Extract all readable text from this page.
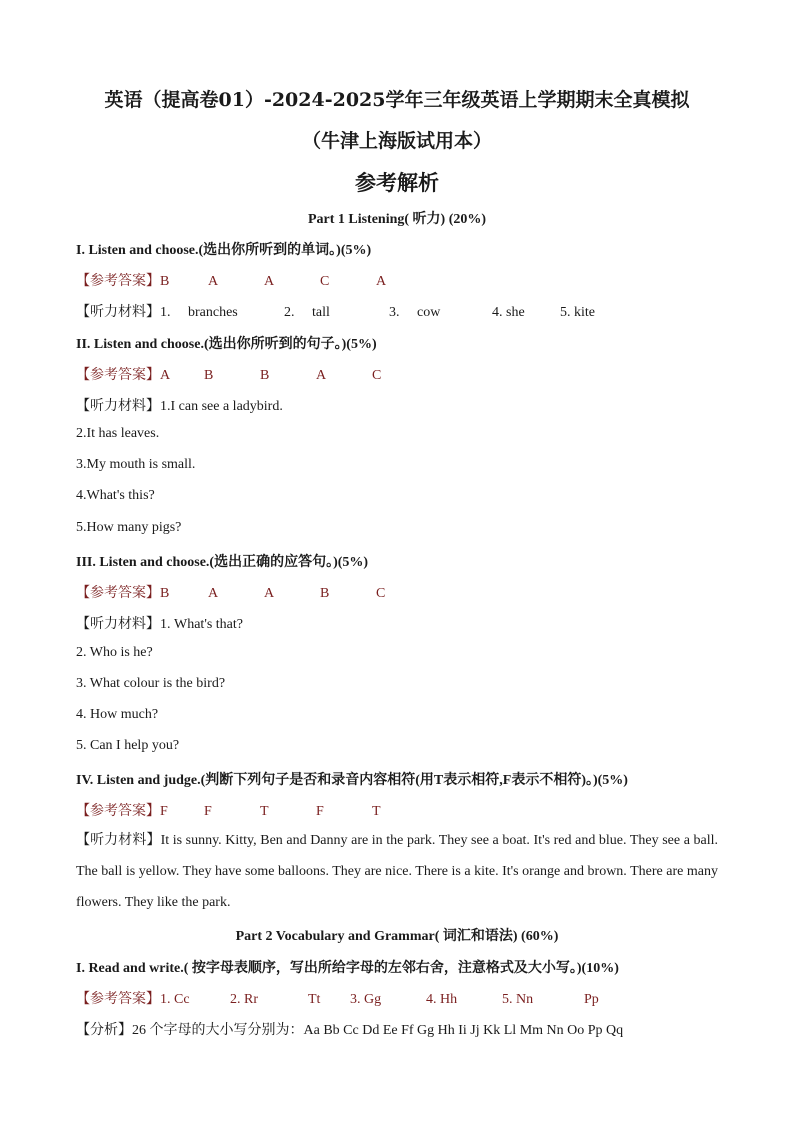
英语（提高卷01）-2024-2025学年三年级英语上学期期末全真模拟
（牛津上海版试用本）
参考解析
Part 1 Listening( 听力) (20%)
I. Listen and choose.(选出你所听到的单词。)(5%)
【参考答案】B	A	A	C	A
【听力材料】1. branches	2. tall	3. cow	4. she	5. kite
II. Listen and choose.(选出你所听到的句子。)(5%)
【参考答案】A B	B	A	C
【听力材料】1.I can see a ladybird.
2.It has leaves.
3.My mouth is small.
4.What's this?
5.How many pigs?
III. Listen and choose.(选出正确的应答句。)(5%)
【参考答案】B	A	A	B	C
【听力材料】1. What's that?
2. Who is he?
3. What colour is the bird?
4. How much?
5. Can I help you?
IV. Listen and judge.(判断下列句子是否和录音内容相符(用T表示相符,F表示不相符)。)(5%)
【参考答案】F	F	T	F	T
【听力材料】It is sunny. Kitty, Ben and Danny are in the park. They see a boat. It's red and blue. They see a ball. The ball is yellow. They have some balloons. They are nice. There is a kite. It's orange and brown. There are many flowers. They like the park.
Part 2 Vocabulary and Grammar( 词汇和语法) (60%)
I. Read and write.( 按字母表顺序，写出所给字母的左邻右舍，注意格式及大小写。)(10%)
【参考答案】1. Cc	2. Rr	Tt 3. Gg	4. Hh	5. Nn	Pp
【分析】26 个字母的大小写分别为：Aa Bb Cc Dd Ee Ff Gg Hh Ii Jj Kk Ll Mm Nn Oo Pp Qq
